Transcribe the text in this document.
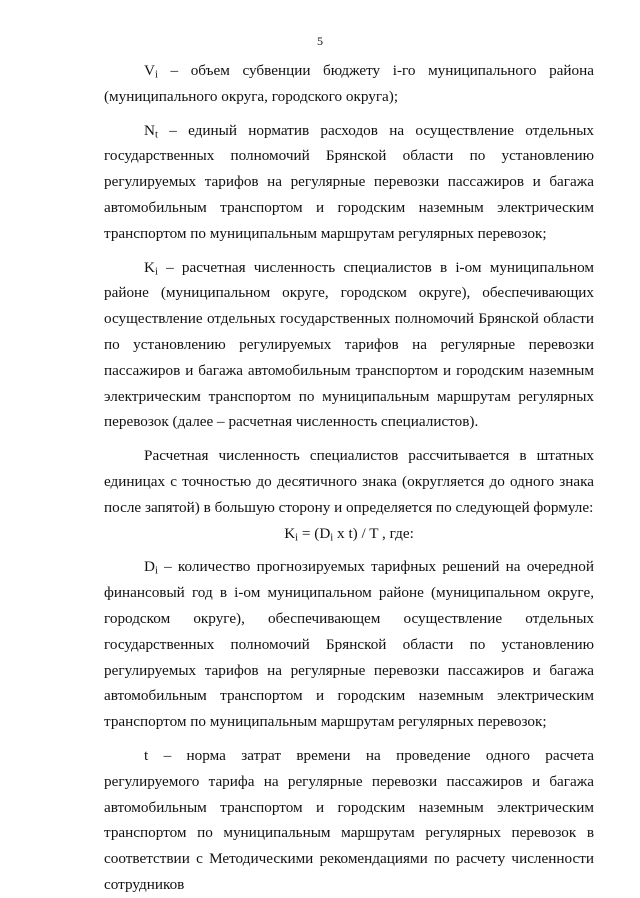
5

$V_i$ – объем субвенции бюджету i-го муниципального района (муниципального округа, городского округа);

$N_t$ – единый норматив расходов на осуществление отдельных государственных полномочий Брянской области по установлению регулируемых тарифов на регулярные перевозки пассажиров и багажа автомобильным транспортом и городским наземным электрическим транспортом по муниципальным маршрутам регулярных перевозок;

$K_i$ – расчетная численность специалистов в i-ом муниципальном районе (муниципальном округе, городском округе), обеспечивающих осуществление отдельных государственных полномочий Брянской области по установлению регулируемых тарифов на регулярные перевозки пассажиров и багажа автомобильным транспортом и городским наземным электрическим транспортом по муниципальным маршрутам регулярных перевозок (далее – расчетная численность специалистов).

Расчетная численность специалистов рассчитывается в штатных единицах с точностью до десятичного знака (округляется до одного знака после запятой) в большую сторону и определяется по следующей формуле:

$K_i = (D_i$ x t) / T , где:

$D_i$ – количество прогнозируемых тарифных решений на очередной финансовый год в i-ом муниципальном районе (муниципальном округе, городском округе), обеспечивающем осуществление отдельных государственных полномочий Брянской области по установлению регулируемых тарифов на регулярные перевозки пассажиров и багажа автомобильным транспортом и городским наземным электрическим транспортом по муниципальным маршрутам регулярных перевозок;

t – норма затрат времени на проведение одного расчета регулируемого тарифа на регулярные перевозки пассажиров и багажа автомобильным транспортом и городским наземным электрическим транспортом по муниципальным маршрутам регулярных перевозок в соответствии с Методическими рекомендациями по расчету численности сотрудников
